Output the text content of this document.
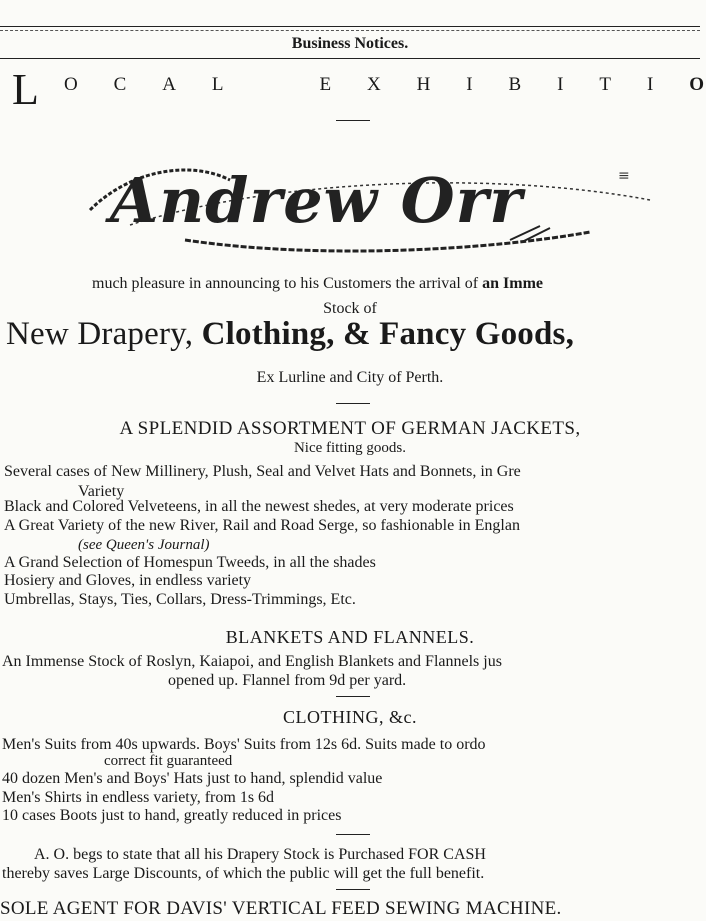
Business Notices.
L O C A L	E X H I B I T I O
Andrew Orr	≡
much pleasure in announcing to his Customers the arrival of an Imme
Stock of
New Drapery, Clothing, & Fancy Goods,
Ex Lurline and City of Perth.
A SPLENDID ASSORTMENT OF GERMAN JACKETS,
Nice fitting goods.
Several cases of New Millinery, Plush, Seal and Velvet Hats and Bonnets, in Gre
Variety
Black and Colored Velveteens, in all the newest shedes, at very moderate prices
A Great Variety of the new River, Rail and Road Serge, so fashionable in Englan
(see Queen's Journal)
A Grand Selection of Homespun Tweeds, in all the shades
Hosiery and Gloves, in endless variety
Umbrellas, Stays, Ties, Collars, Dress-Trimmings, Etc.
BLANKETS AND FLANNELS.
An Immense Stock of Roslyn, Kaiapoi, and English Blankets and Flannels jus
opened up. Flannel from 9d per yard.
CLOTHING, &c.
Men's Suits from 40s upwards. Boys' Suits from 12s 6d. Suits made to ordo
correct fit guaranteed
40 dozen Men's and Boys' Hats just to hand, splendid value
Men's Shirts in endless variety, from 1s 6d
10 cases Boots just to hand, greatly reduced in prices
A. O. begs to state that all his Drapery Stock is Purchased FOR CASH
thereby saves Large Discounts, of which the public will get the full benefit.
SOLE AGENT FOR DAVIS' VERTICAL FEED SEWING MACHINE.
